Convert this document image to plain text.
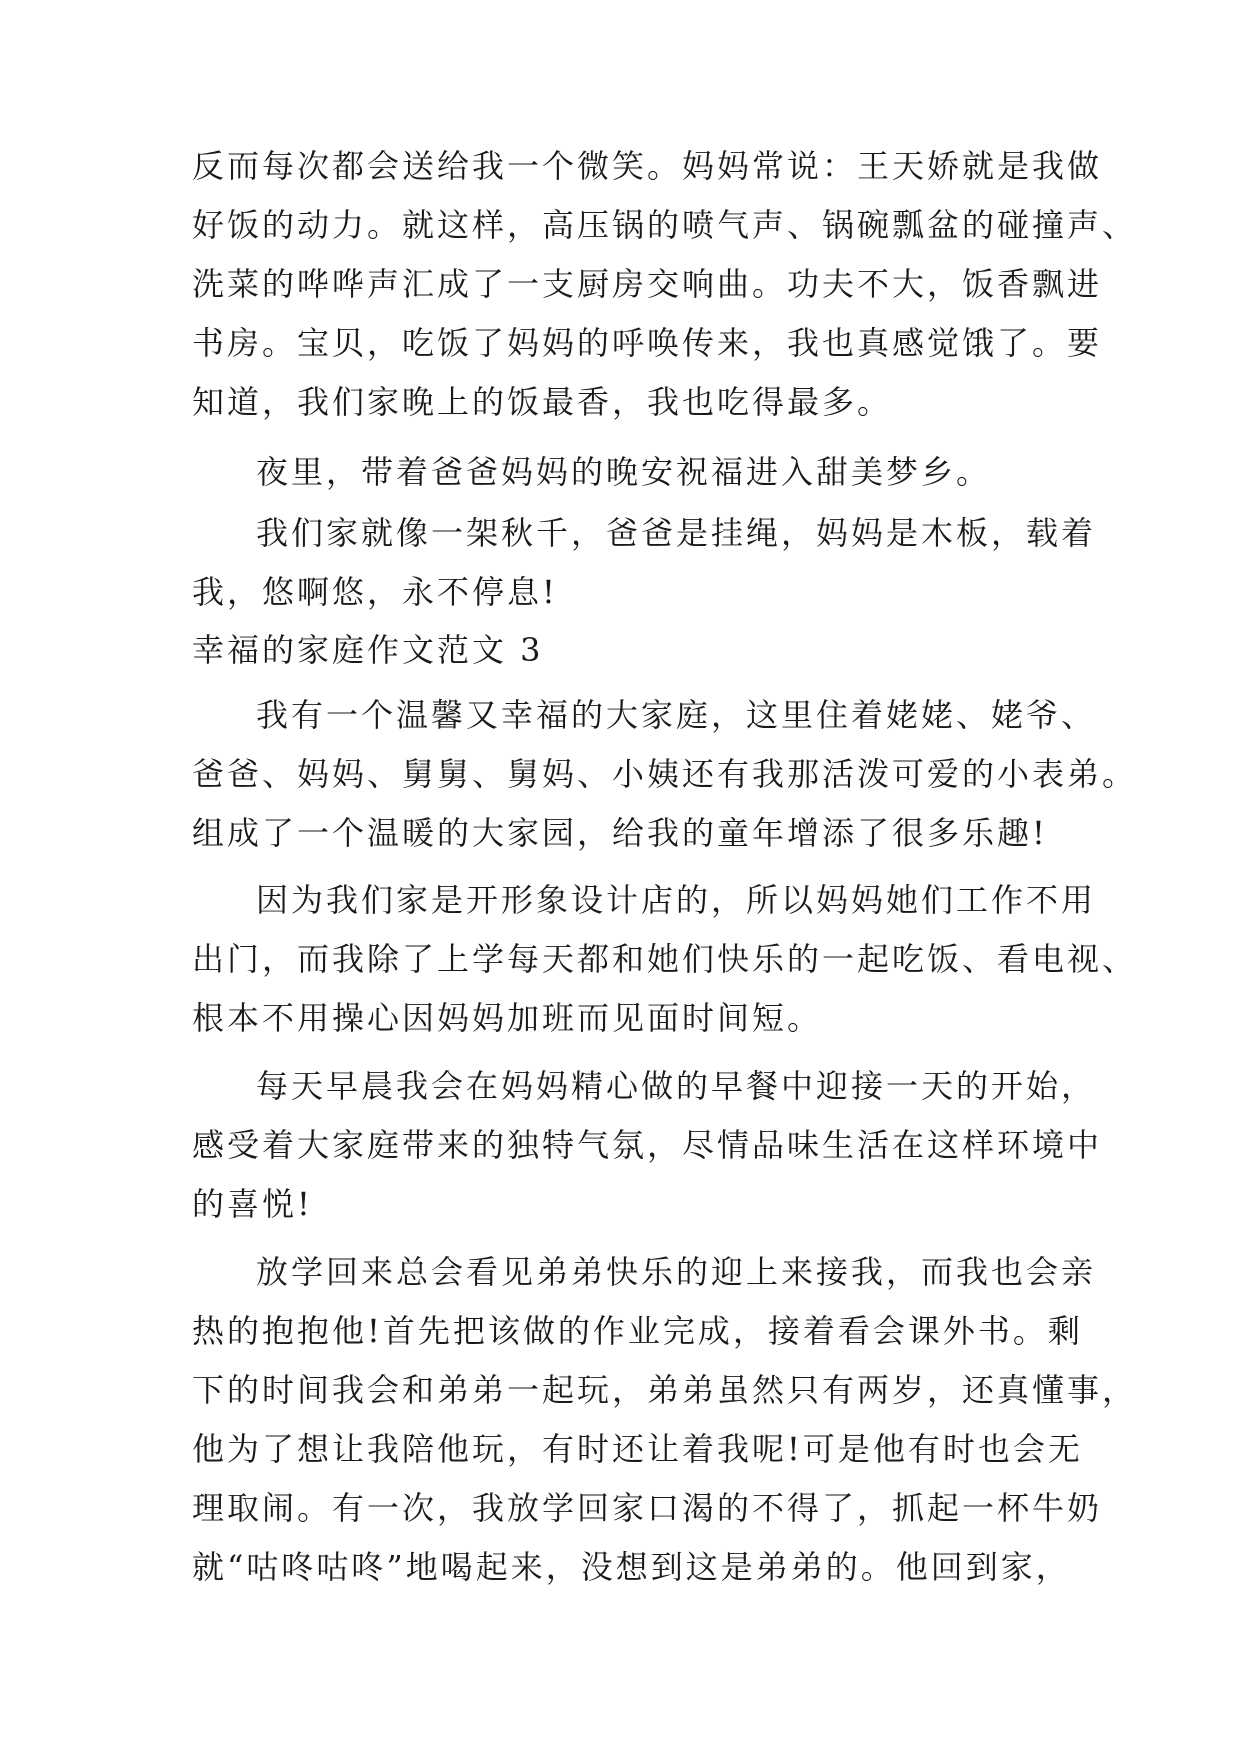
反而每次都会送给我一个微笑。妈妈常说：王天娇就是我做
好饭的动力。就这样，高压锅的喷气声、锅碗瓢盆的碰撞声、
洗菜的哗哗声汇成了一支厨房交响曲。功夫不大，饭香飘进
书房。宝贝，吃饭了妈妈的呼唤传来，我也真感觉饿了。要
知道，我们家晚上的饭最香，我也吃得最多。
夜里，带着爸爸妈妈的晚安祝福进入甜美梦乡。
我们家就像一架秋千，爸爸是挂绳，妈妈是木板，载着
我，悠啊悠，永不停息!
幸福的家庭作文范文 3
我有一个温馨又幸福的大家庭，这里住着姥姥、姥爷、
爸爸、妈妈、舅舅、舅妈、小姨还有我那活泼可爱的小表弟。
组成了一个温暖的大家园，给我的童年增添了很多乐趣!
因为我们家是开形象设计店的，所以妈妈她们工作不用
出门，而我除了上学每天都和她们快乐的一起吃饭、看电视、
根本不用操心因妈妈加班而见面时间短。
每天早晨我会在妈妈精心做的早餐中迎接一天的开始，
感受着大家庭带来的独特气氛，尽情品味生活在这样环境中
的喜悦!
放学回来总会看见弟弟快乐的迎上来接我，而我也会亲
热的抱抱他!首先把该做的作业完成，接着看会课外书。剩
下的时间我会和弟弟一起玩，弟弟虽然只有两岁，还真懂事，
他为了想让我陪他玩，有时还让着我呢!可是他有时也会无
理取闹。有一次，我放学回家口渴的不得了，抓起一杯牛奶
就“咕咚咕咚”地喝起来，没想到这是弟弟的。他回到家，
